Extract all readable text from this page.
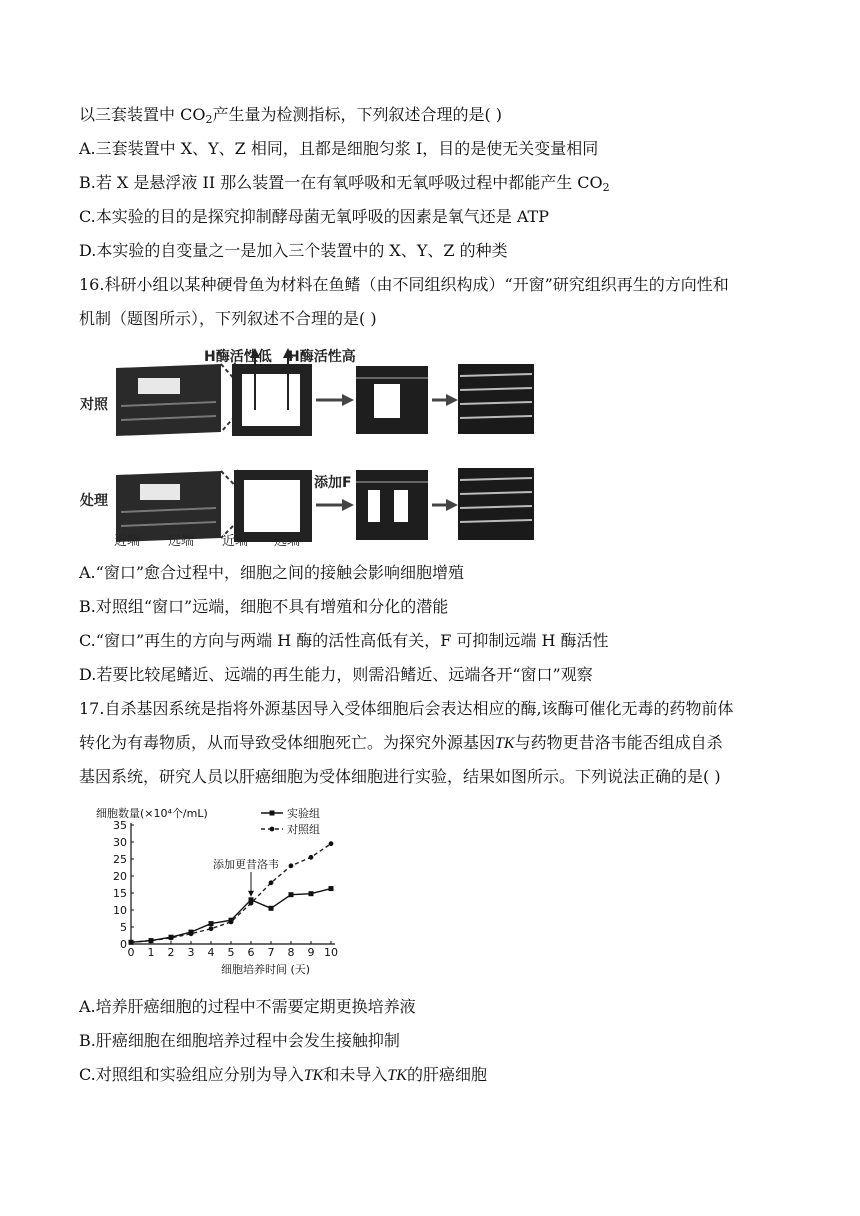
以三套装置中 $CO_2$产生量为检测指标，下列叙述合理的是( )
A.三套装置中 X、Y、Z 相同，且都是细胞匀浆 I，目的是使无关变量相同
B.若 X 是悬浮液 II 那么装置一在有氧呼吸和无氧呼吸过程中都能产生 $CO_2$
C.本实验的目的是探究抑制酵母菌无氧呼吸的因素是氧气还是 ATP
D.本实验的自变量之一是加入三个装置中的 X、Y、Z 的种类
16.科研小组以某种硬骨鱼为材料在鱼鳍（由不同组织构成）“开窗”研究组织再生的方向性和
机制（题图所示），下列叙述不合理的是( )
对照
处理
H酶活性低 H酶活性高
添加F
近端 远端 近端 远端
A.“窗口”愈合过程中，细胞之间的接触会影响细胞增殖
B.对照组“窗口”远端，细胞不具有增殖和分化的潜能
C.“窗口”再生的方向与两端 H 酶的活性高低有关，F 可抑制远端 H 酶活性
D.若要比较尾鳍近、远端的再生能力，则需沿鳍近、远端各开“窗口”观察
17.自杀基因系统是指将外源基因导入受体细胞后会表达相应的酶,该酶可催化无毒的药物前体
转化为有毒物质，从而导致受体细胞死亡。为探究外源基因TK与药物更昔洛韦能否组成自杀
基因系统，研究人员以肝癌细胞为受体细胞进行实验，结果如图所示。下列说法正确的是( )
0
5
10
15
20
25
30
35
0 1 2 3 4 5 6 7 8 9 10
细胞数量(×10⁴个/mL)
细胞培养时间 (天)
添加更昔洛韦
实验组
对照组
A.培养肝癌细胞的过程中不需要定期更换培养液
B.肝癌细胞在细胞培养过程中会发生接触抑制
C.对照组和实验组应分别为导入TK和未导入TK的肝癌细胞
